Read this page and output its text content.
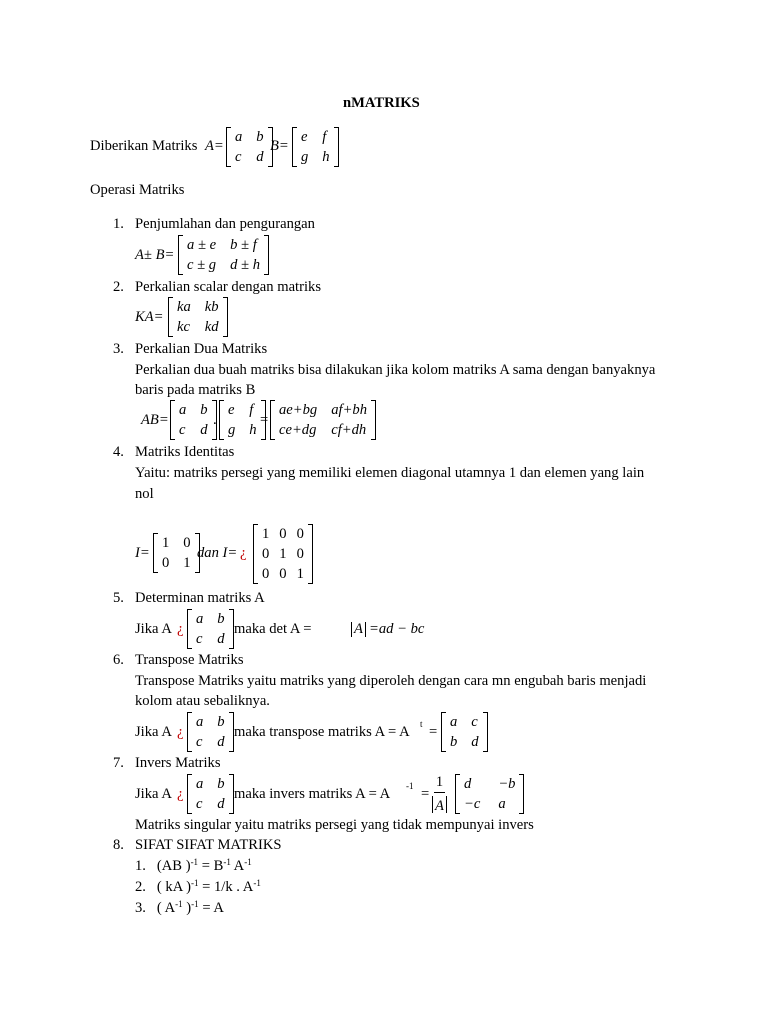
nMATRIKS
Diberikan Matriks A=
a b
c d
B=
e f
g h
Operasi Matriks
1. Penjumlahan dan pengurangan
A± B=
a ± e b ± f
c ± g d ± h
2. Perkalian scalar dengan matriks
KA=
ka kb
kc kd
3. Perkalian Dua Matriks
Perkalian dua buah matriks bisa dilakukan jika kolom matriks A sama dengan banyaknya
baris pada matriks B
AB=
a b
c d
.
e f
g h
=
ae+bg af+bh
ce+dg cf+dh
4. Matriks Identitas
Yaitu: matriks persegi yang memiliki elemen diagonal utamnya 1 dan elemen yang lain
nol
I=
1 0
0 1
dan I= ¿
1 0 0
0 1 0
0 0 1
5. Determinan matriks A
Jika A ¿
a b
c d
maka det A =	A =ad − bc
6. Transpose Matriks
Transpose Matriks yaitu matriks yang diperoleh dengan cara mn engubah baris menjadi
kolom atau sebaliknya.
Jika A ¿
a b
c d
maka transpose matriks A = A t =
a c
b d
7. Invers Matriks
Jika A ¿
a b
c d
maka invers matriks A = A $-1 = \frac{1}{A}$ d	−b
−c a
Matriks singular yaitu matriks persegi yang tidak mempunyai invers
8. SIFAT SIFAT MATRIKS
1. (AB )$^{-1} = B^{-1}$ $A^{-1}$
2. ( kA )$^{-1}$ = 1/k . $A^{-1}$
3. ( $A^{-1}$ )$^{-1}$ = A
